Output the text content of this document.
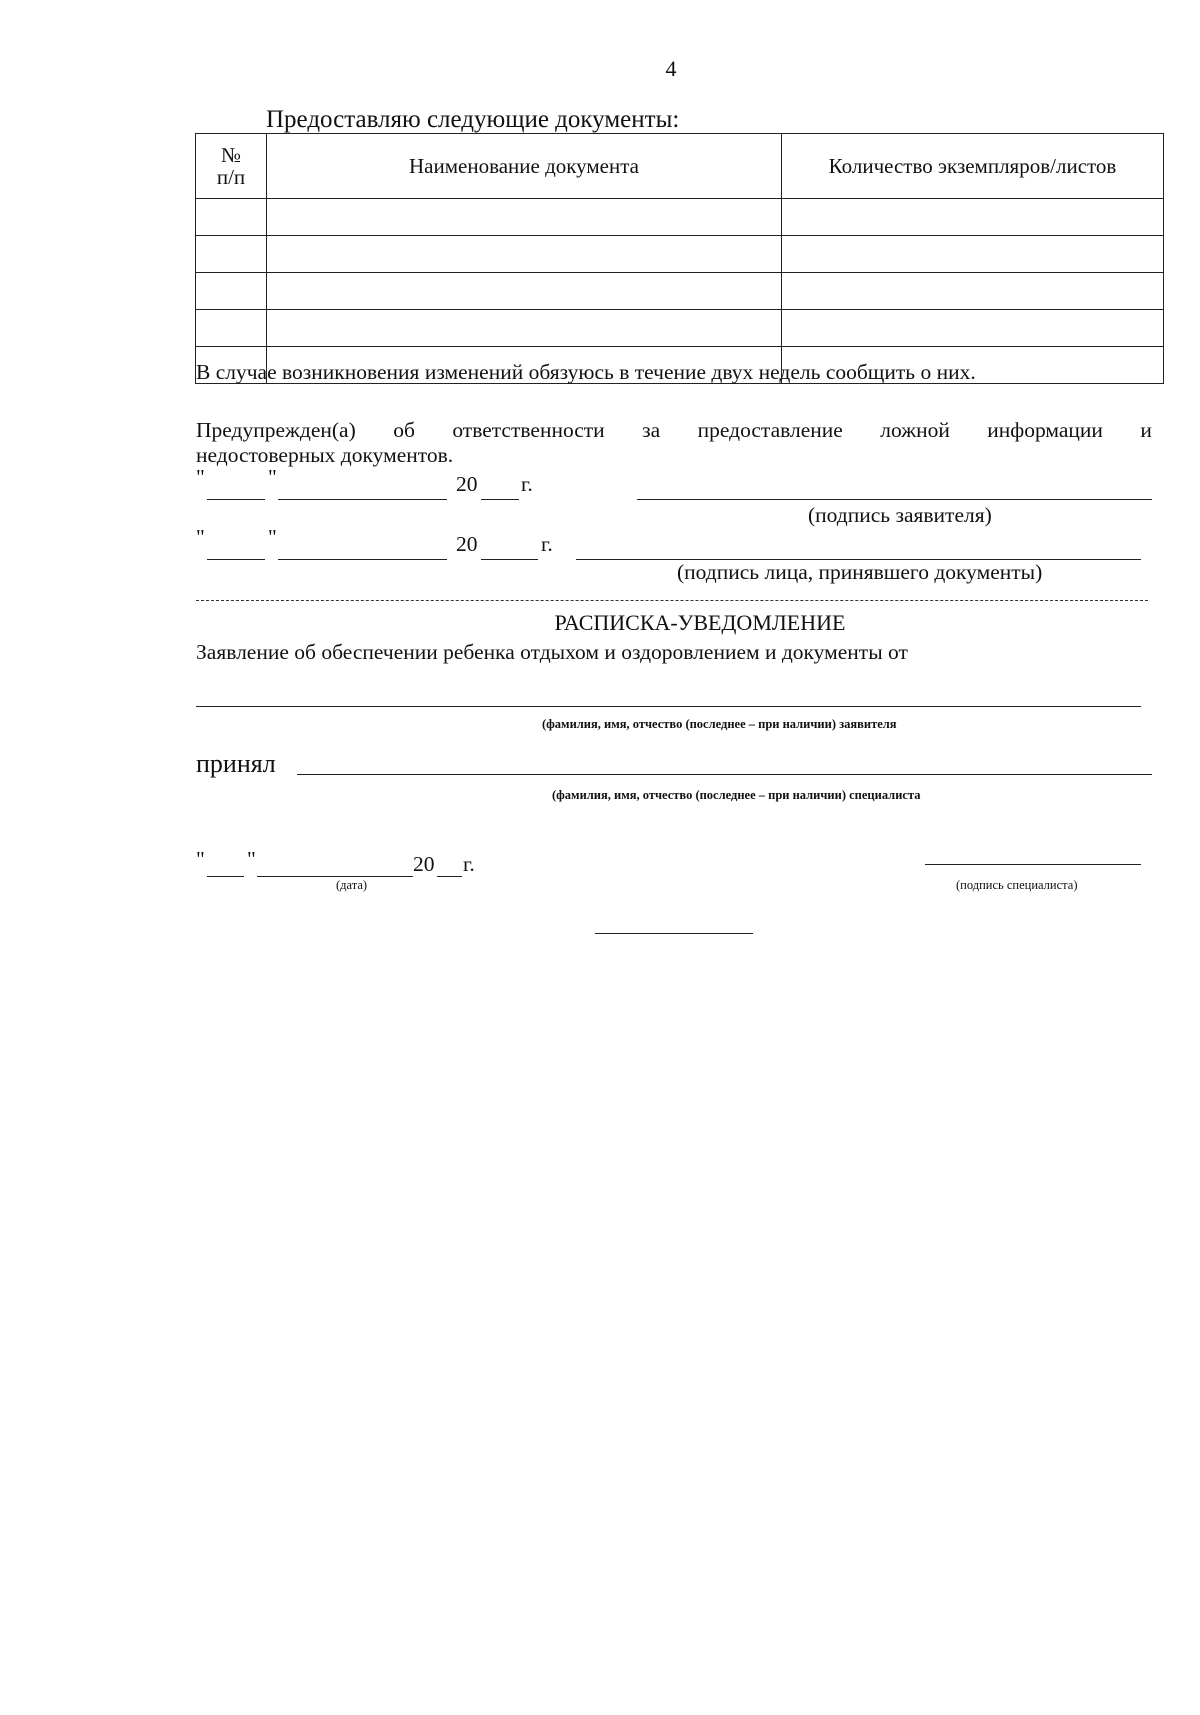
4
Предоставляю следующие документы:
№
п/п	Наименование документа	Количество экземпляров/листов

В случае возникновения изменений обязуюсь в течение двух недель сообщить о них.
Предупрежден(а) об ответственности за предоставление ложной информации и
недостоверных документов.
"	"	20 г.
(подпись заявителя)
"	"	20	г.
(подпись лица, принявшего документы)
РАСПИСКА-УВЕДОМЛЕНИЕ
Заявление об обеспечении ребенка отдыхом и оздоровлением и документы от
(фамилия, имя, отчество (последнее – при наличии) заявителя
принял
(фамилия, имя, отчество (последнее – при наличии) специалиста
" "	20 г.
(дата)	(подпись специалиста)
